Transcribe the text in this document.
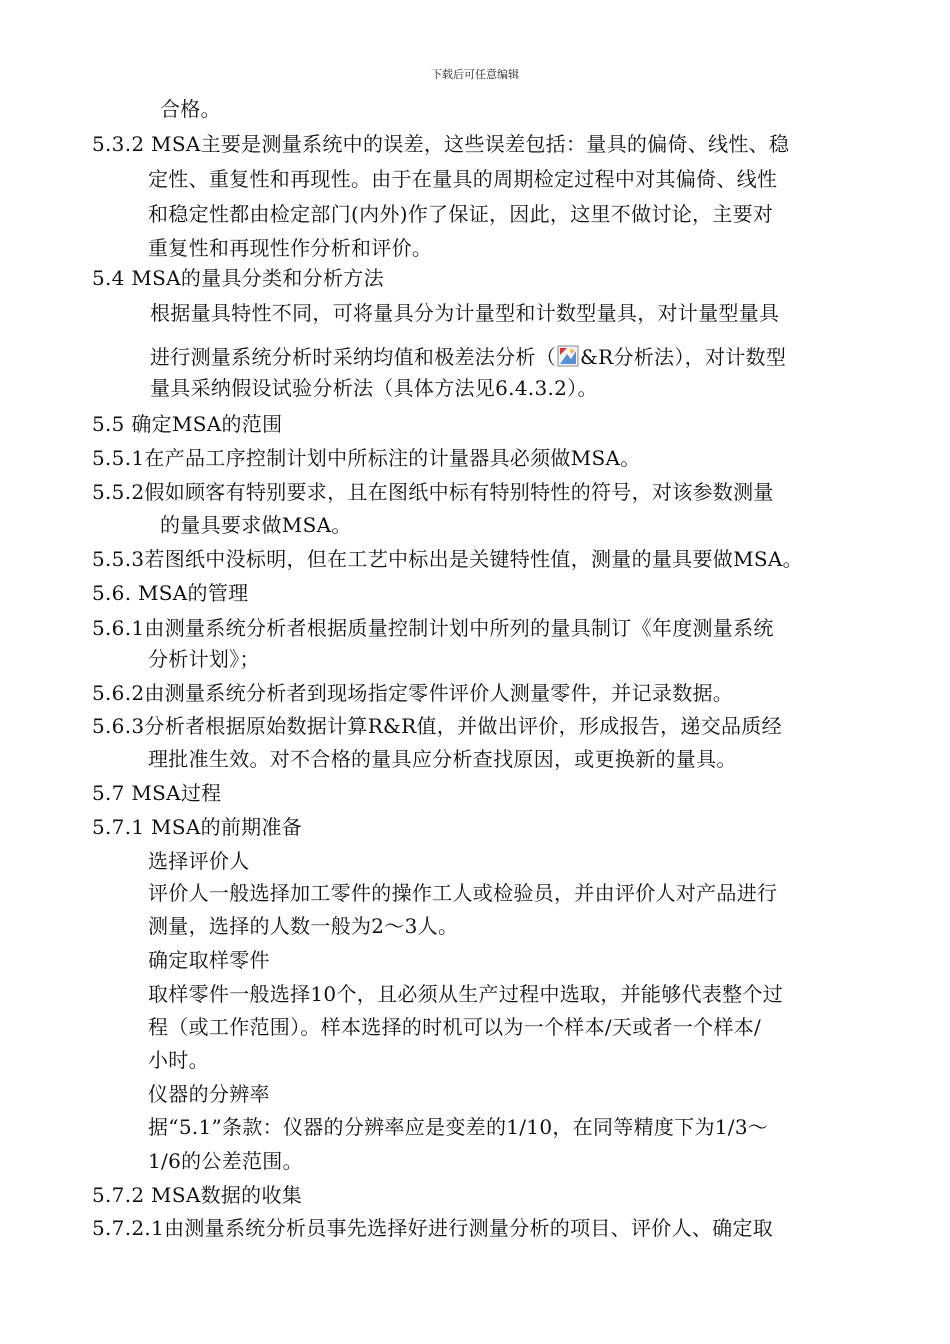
下载后可任意编辑
合格。
5.3.2 MSA主要是测量系统中的误差，这些误差包括：量具的偏倚、线性、稳
定性、重复性和再现性。由于在量具的周期检定过程中对其偏倚、线性
和稳定性都由检定部门(内外)作了保证，因此，这里不做讨论，主要对
重复性和再现性作分析和评价。
5.4 MSA的量具分类和分析方法
根据量具特性不同，可将量具分为计量型和计数型量具，对计量型量具
进行测量系统分析时采纳均值和极差法分析（ &R分析法），对计数型
量具采纳假设试验分析法（具体方法见6.4.3.2）。
5.5 确定MSA的范围
5.5.1在产品工序控制计划中所标注的计量器具必须做MSA。
5.5.2假如顾客有特别要求，且在图纸中标有特别特性的符号，对该参数测量
的量具要求做MSA。
5.5.3若图纸中没标明，但在工艺中标出是关键特性值，测量的量具要做MSA。
5.6. MSA的管理
5.6.1由测量系统分析者根据质量控制计划中所列的量具制订《年度测量系统
分析计划》；
5.6.2由测量系统分析者到现场指定零件评价人测量零件，并记录数据。
5.6.3分析者根据原始数据计算R&R值，并做出评价，形成报告，递交品质经
理批准生效。对不合格的量具应分析查找原因，或更换新的量具。
5.7 MSA过程
5.7.1 MSA的前期准备
选择评价人
评价人一般选择加工零件的操作工人或检验员，并由评价人对产品进行
测量，选择的人数一般为2～3人。
确定取样零件
取样零件一般选择10个，且必须从生产过程中选取，并能够代表整个过
程（或工作范围）。样本选择的时机可以为一个样本/天或者一个样本/
小时。
仪器的分辨率
据“5.1”条款：仪器的分辨率应是变差的1/10，在同等精度下为1/3～
1/6的公差范围。
5.7.2 MSA数据的收集
5.7.2.1由测量系统分析员事先选择好进行测量分析的项目、评价人、确定取
